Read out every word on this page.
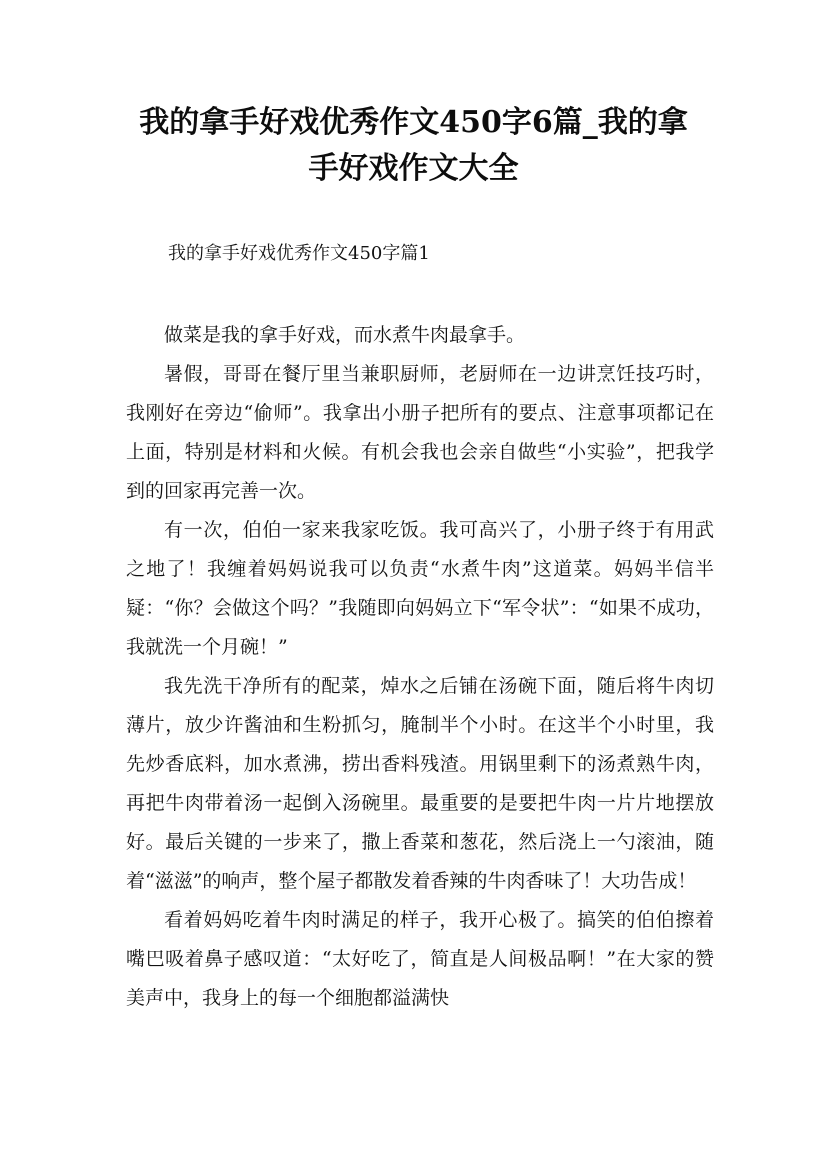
我的拿手好戏优秀作文450字6篇_我的拿
手好戏作文大全

我的拿手好戏优秀作文450字篇1

做菜是我的拿手好戏，而水煮牛肉最拿手。

暑假，哥哥在餐厅里当兼职厨师，老厨师在一边讲烹饪技巧时，我刚好在旁边“偷师”。我拿出小册子把所有的要点、注意事项都记在上面，特别是材料和火候。有机会我也会亲自做些“小实验”，把我学到的回家再完善一次。

有一次，伯伯一家来我家吃饭。我可高兴了，小册子终于有用武之地了！我缠着妈妈说我可以负责“水煮牛肉”这道菜。妈妈半信半疑：“你？会做这个吗？”我随即向妈妈立下“军令状”：“如果不成功，我就洗一个月碗！”

我先洗干净所有的配菜，焯水之后铺在汤碗下面，随后将牛肉切薄片，放少许酱油和生粉抓匀，腌制半个小时。在这半个小时里，我先炒香底料，加水煮沸，捞出香料残渣。用锅里剩下的汤煮熟牛肉，再把牛肉带着汤一起倒入汤碗里。最重要的是要把牛肉一片片地摆放好。最后关键的一步来了，撒上香菜和葱花，然后浇上一勺滚油，随着“滋滋”的响声，整个屋子都散发着香辣的牛肉香味了！大功告成！

看着妈妈吃着牛肉时满足的样子，我开心极了。搞笑的伯伯擦着嘴巴吸着鼻子感叹道：“太好吃了，简直是人间极品啊！”在大家的赞美声中，我身上的每一个细胞都溢满快
